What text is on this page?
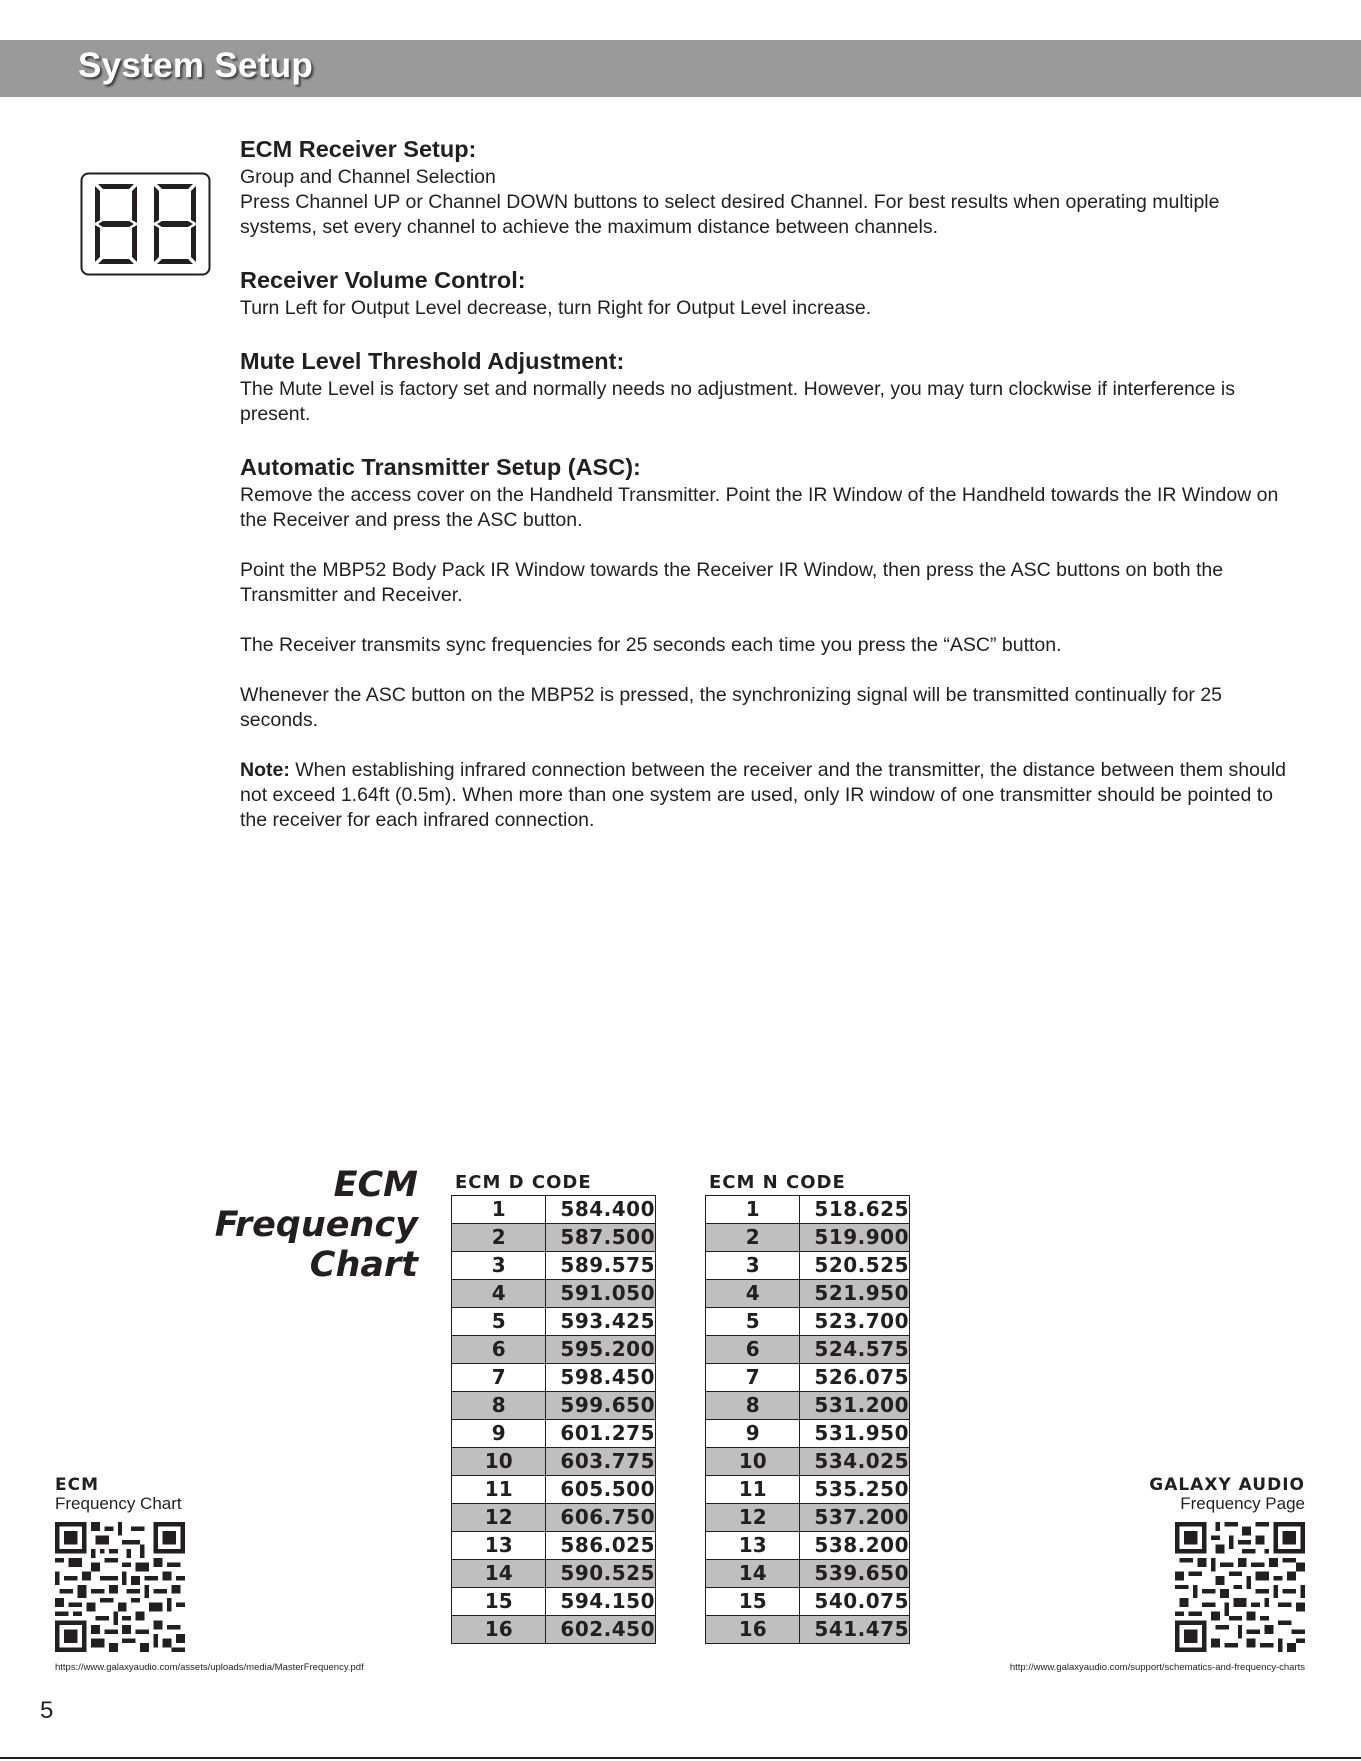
System Setup

ECM Receiver Setup:

Group and Channel Selection

Press Channel UP or Channel DOWN buttons to select desired Channel. For best results when operating multiple systems, set every channel to achieve the maximum distance between channels.

Receiver Volume Control:

Turn Left for Output Level decrease, turn Right for Output Level increase.

Mute Level Threshold Adjustment:

The Mute Level is factory set and normally needs no adjustment. However, you may turn clockwise if interference is present.

Automatic Transmitter Setup (ASC):

Remove the access cover on the Handheld Transmitter. Point the IR Window of the Handheld towards the IR Window on the Receiver and press the ASC button.

Point the MBP52 Body Pack IR Window towards the Receiver IR Window, then press the ASC buttons on both the Transmitter and Receiver.

The Receiver transmits sync frequencies for 25 seconds each time you press the “ASC” button.

Whenever the ASC button on the MBP52 is pressed, the synchronizing signal will be transmitted continually for 25 seconds.

Note: When establishing infrared connection between the receiver and the transmitter, the distance between them should not exceed 1.64ft (0.5m). When more than one system are used, only IR window of one transmitter should be pointed to the receiver for each infrared connection.

ECM
Frequency
Chart
ECM D CODE
1	584.400
2	587.500
3	589.575
4	591.050
5	593.425
6	595.200
7	598.450
8	599.650
9	601.275
10	603.775
11	605.500
12	606.750
13	586.025
14	590.525
15	594.150
16	602.450
ECM N CODE
1	518.625
2	519.900
3	520.525
4	521.950
5	523.700
6	524.575
7	526.075
8	531.200
9	531.950
10	534.025
11	535.250
12	537.200
13	538.200
14	539.650
15	540.075
16	541.475
ECM
Frequency Chart
https://www.galaxyaudio.com/assets/uploads/media/MasterFrequency.pdf
GALAXY AUDIO
Frequency Page
http://www.galaxyaudio.com/support/schematics-and-frequency-charts
5
